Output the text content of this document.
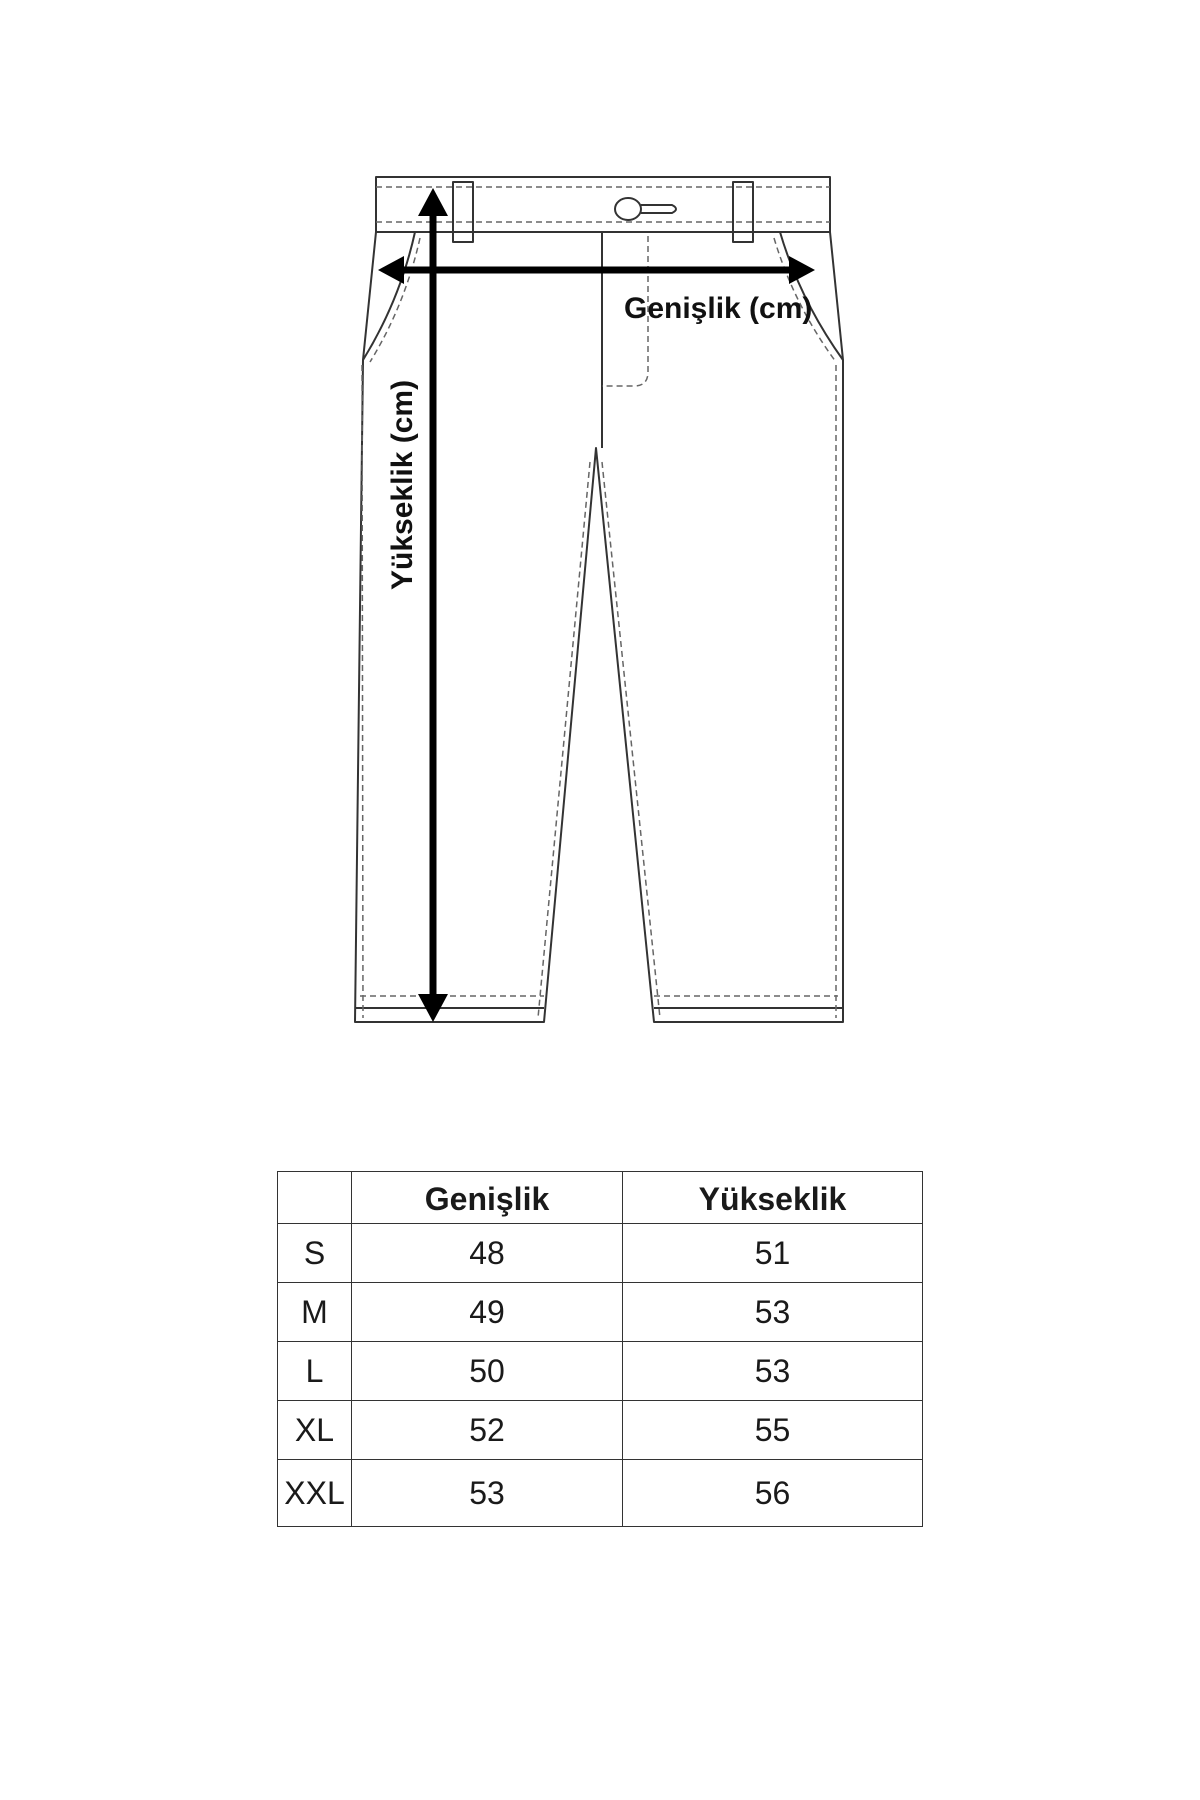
Genişlik (cm)
Yükseklik (cm)
	Genişlik	Yükseklik
S	48	51
M	49	53
L	50	53
XL	52	55
XXL	53	56
